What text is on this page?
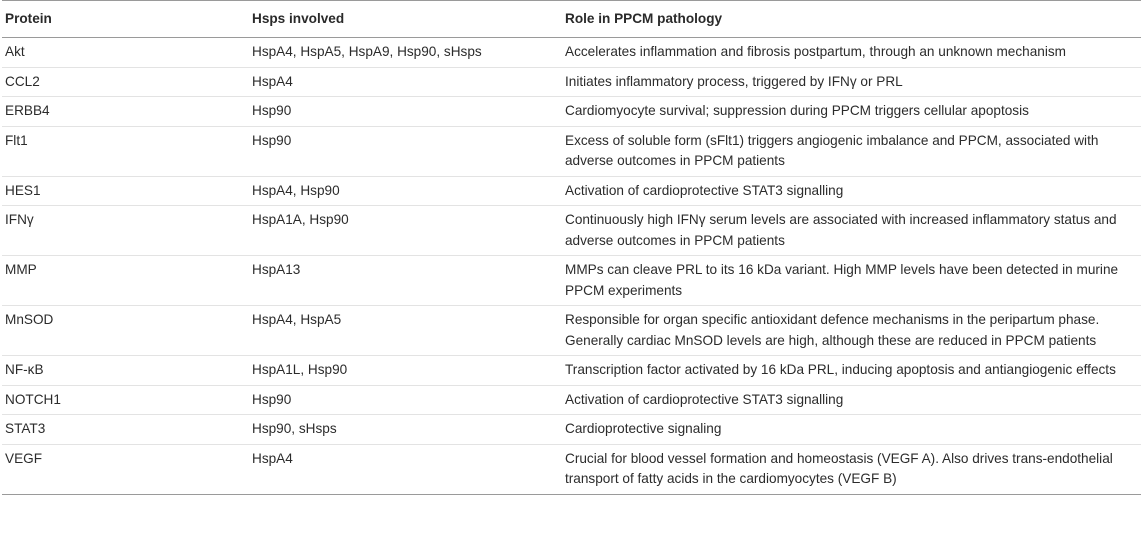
Protein	Hsps involved	Role in PPCM pathology
Akt	HspA4, HspA5, HspA9, Hsp90, sHsps	Accelerates inflammation and fibrosis postpartum, through an unknown mechanism
CCL2	HspA4	Initiates inflammatory process, triggered by IFNγ or PRL
ERBB4	Hsp90	Cardiomyocyte survival; suppression during PPCM triggers cellular apoptosis
Flt1	Hsp90	Excess of soluble form (sFlt1) triggers angiogenic imbalance and PPCM, associated with adverse outcomes in PPCM patients
HES1	HspA4, Hsp90	Activation of cardioprotective STAT3 signalling
IFNγ	HspA1A, Hsp90	Continuously high IFNγ serum levels are associated with increased inflammatory status and adverse outcomes in PPCM patients
MMP	HspA13	MMPs can cleave PRL to its 16 kDa variant. High MMP levels have been detected in murine PPCM experiments
MnSOD	HspA4, HspA5	Responsible for organ specific antioxidant defence mechanisms in the peripartum phase. Generally cardiac MnSOD levels are high, although these are reduced in PPCM patients
NF-κB	HspA1L, Hsp90	Transcription factor activated by 16 kDa PRL, inducing apoptosis and antiangiogenic effects
NOTCH1	Hsp90	Activation of cardioprotective STAT3 signalling
STAT3	Hsp90, sHsps	Cardioprotective signaling
VEGF	HspA4	Crucial for blood vessel formation and homeostasis (VEGF A). Also drives trans-endothelial transport of fatty acids in the cardiomyocytes (VEGF B)
